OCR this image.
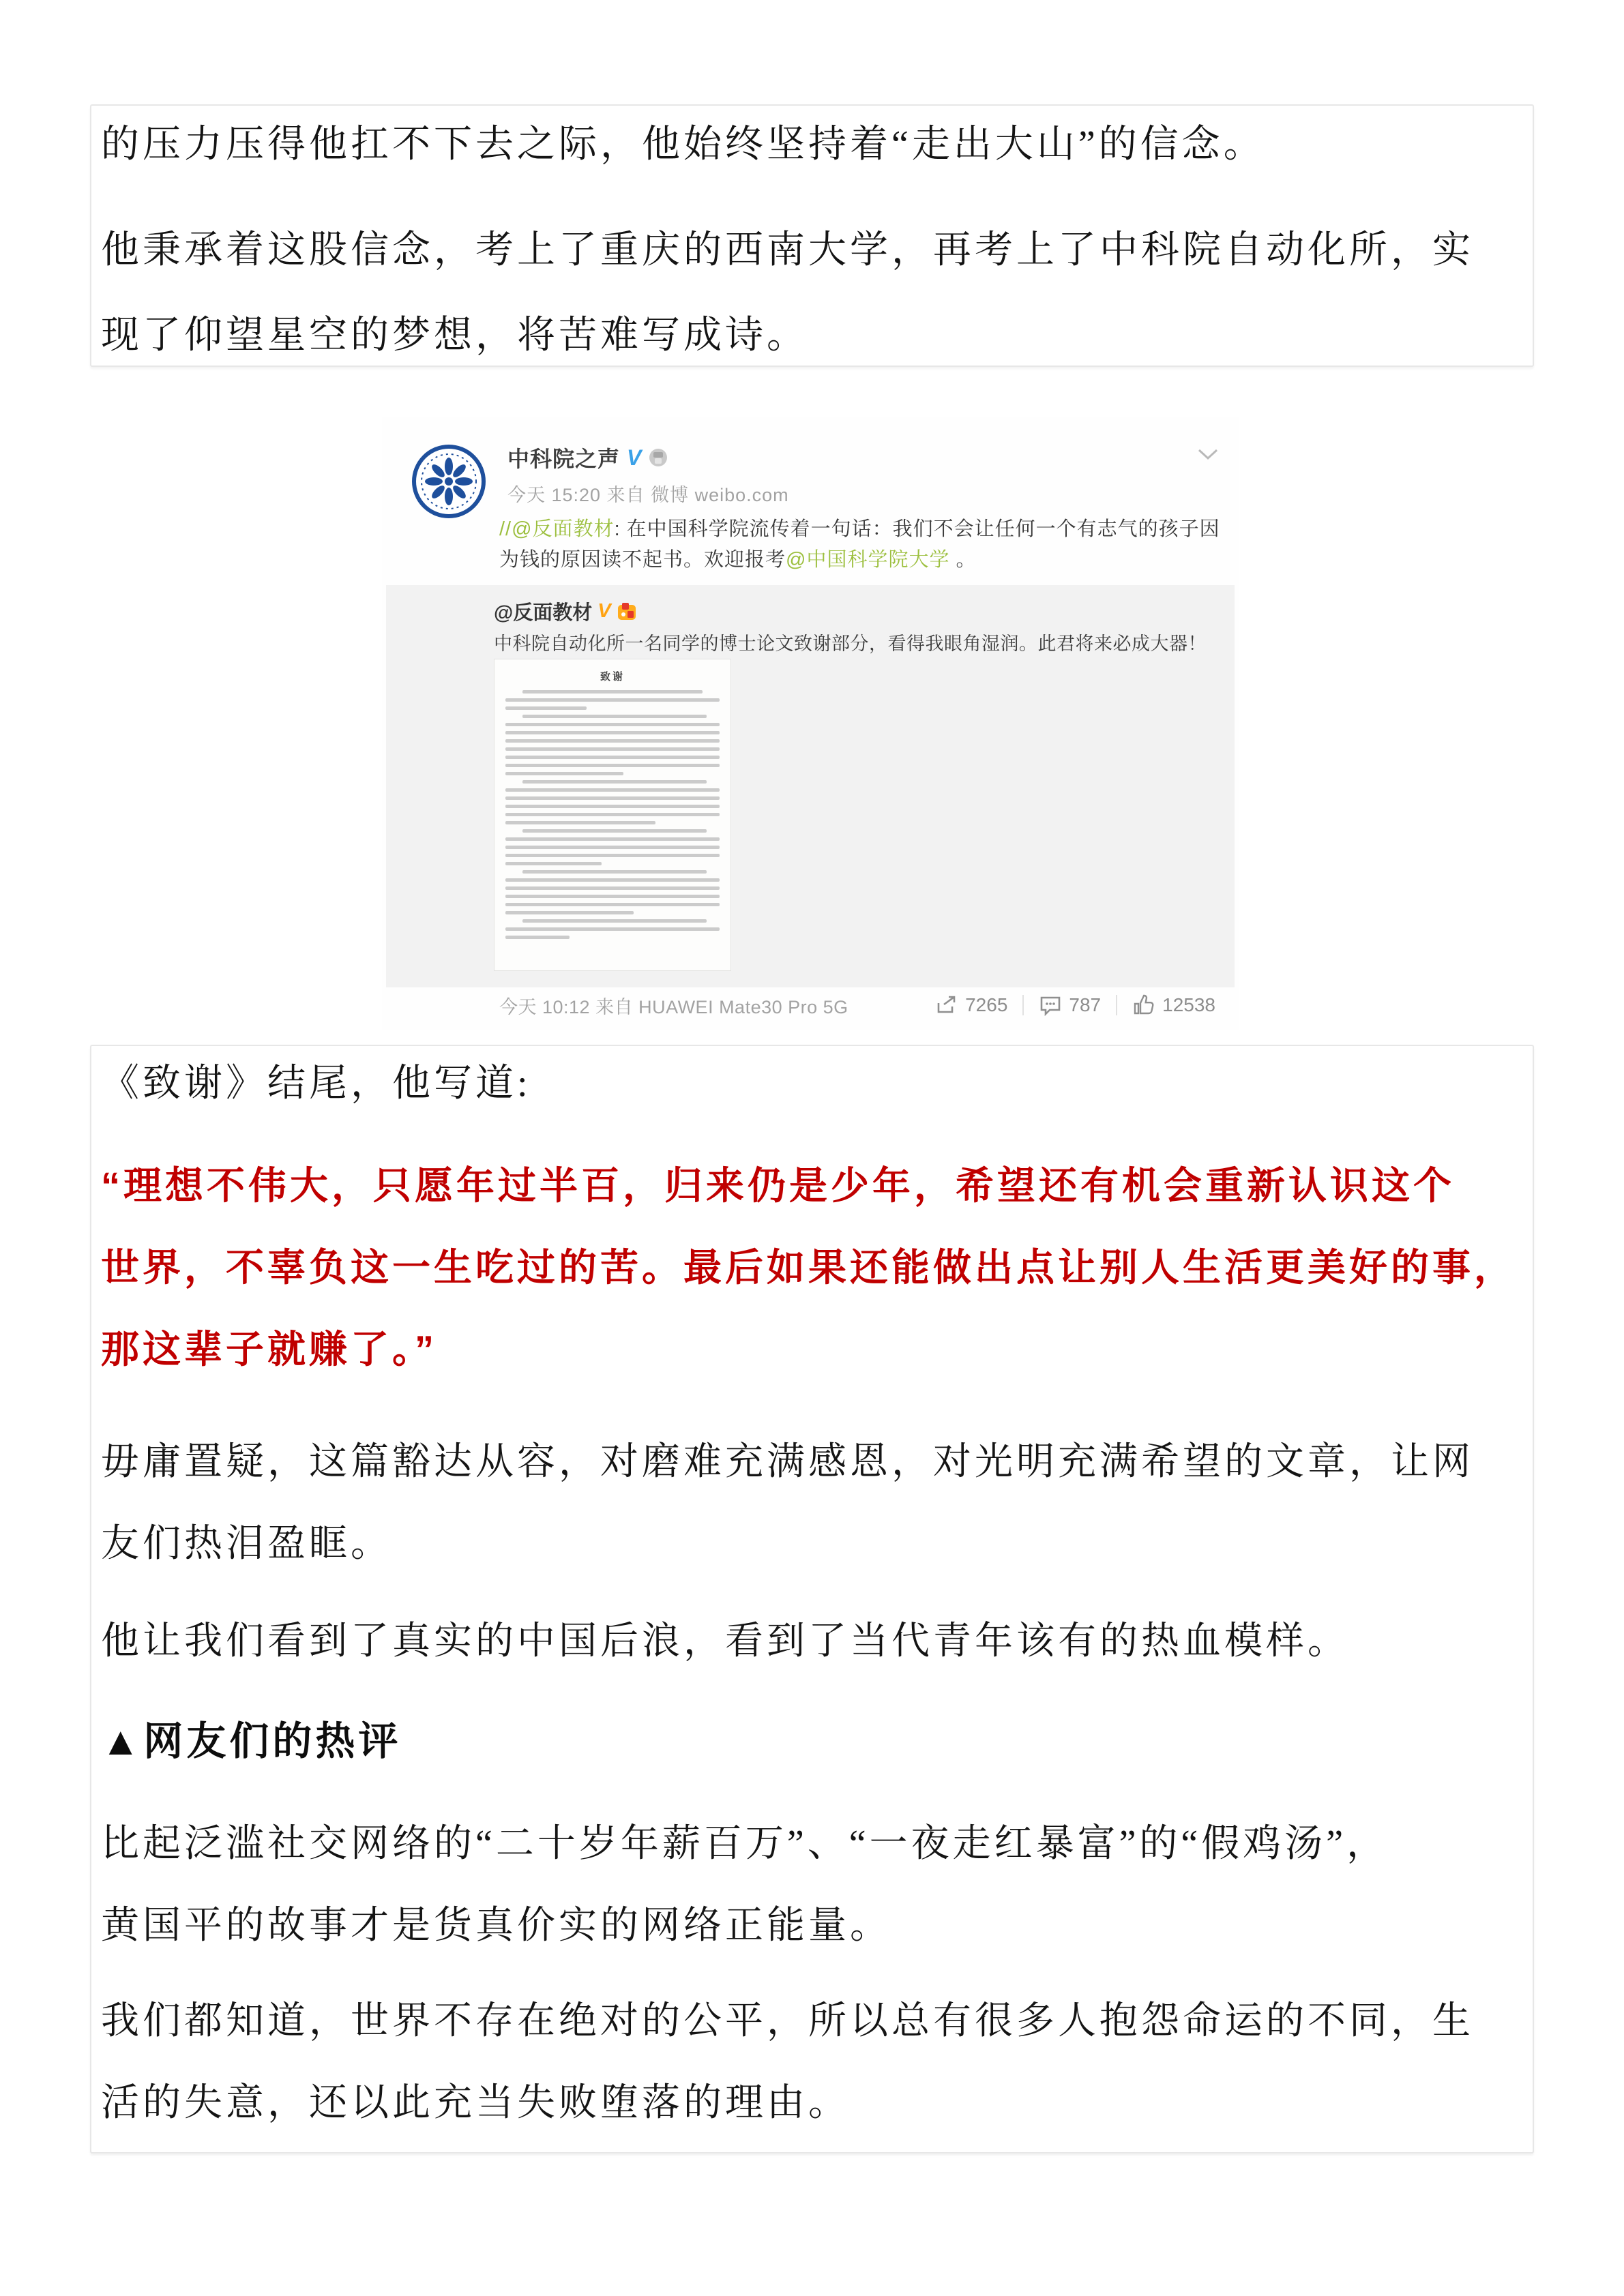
的压力压得他扛不下去之际，他始终坚持着“走出大山”的信念。
他秉承着这股信念，考上了重庆的西南大学，再考上了中科院自动化所，实
现了仰望星空的梦想，将苦难写成诗。
中科院之声 V
今天 15:20 来自 微博 weibo.com
//@反面教材: 在中国科学院流传着一句话：我们不会让任何一个有志气的孩子因
为钱的原因读不起书。欢迎报考@中国科学院大学 。
@反面教材 V
中科院自动化所一名同学的博士论文致谢部分，看得我眼角湿润。此君将来必成大器！
致谢
今天 10:12 来自 HUAWEI Mate30 Pro 5G	7265	787	12538
《致谢》结尾，他写道:
“理想不伟大，只愿年过半百，归来仍是少年，希望还有机会重新认识这个
世界，不辜负这一生吃过的苦。最后如果还能做出点让别人生活更美好的事，
那这辈子就赚了。”
毋庸置疑，这篇豁达从容，对磨难充满感恩，对光明充满希望的文章，让网
友们热泪盈眶。
他让我们看到了真实的中国后浪，看到了当代青年该有的热血模样。
▲网友们的热评
比起泛滥社交网络的“二十岁年薪百万”、“一夜走红暴富”的“假鸡汤”，
黄国平的故事才是货真价实的网络正能量。
我们都知道，世界不存在绝对的公平，所以总有很多人抱怨命运的不同，生
活的失意，还以此充当失败堕落的理由。
